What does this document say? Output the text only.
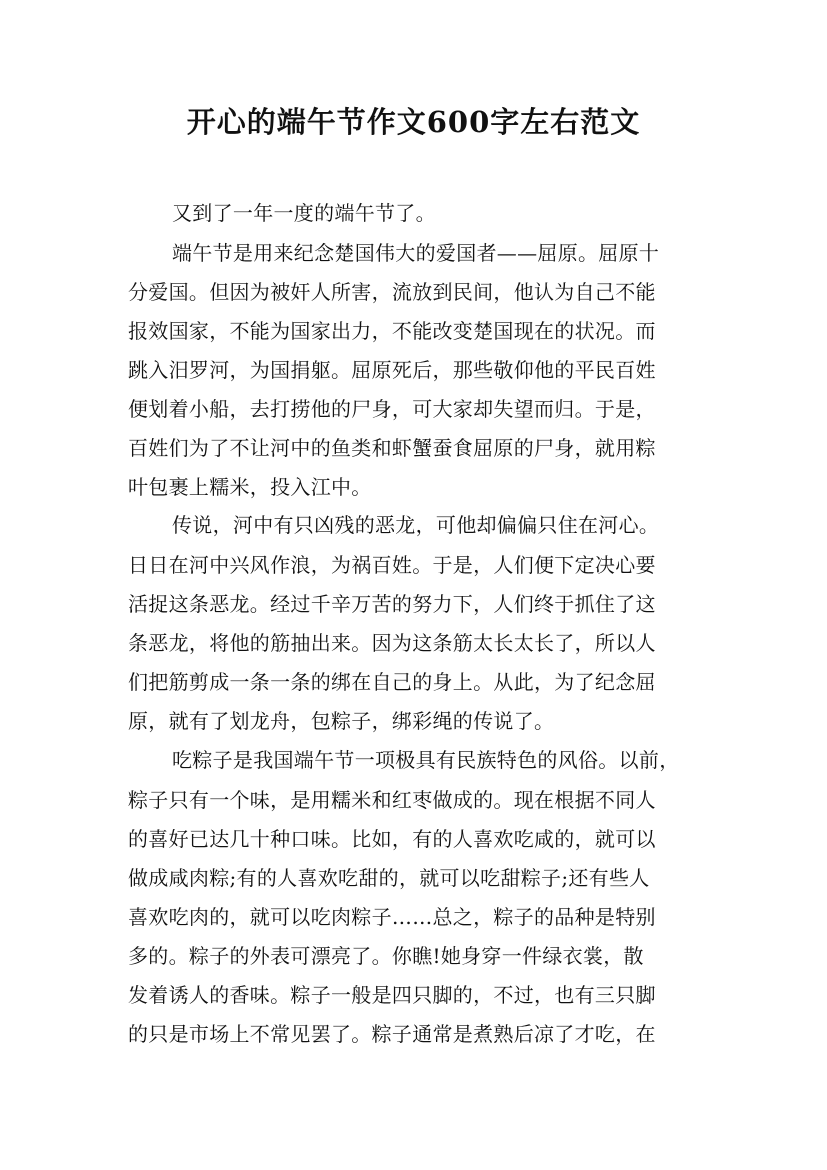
开心的端午节作文600字左右范文
又到了一年一度的端午节了。
端午节是用来纪念楚国伟大的爱国者——屈原。屈原十
分爱国。但因为被奸人所害，流放到民间，他认为自己不能
报效国家，不能为国家出力，不能改变楚国现在的状况。而
跳入汨罗河，为国捐躯。屈原死后，那些敬仰他的平民百姓
便划着小船，去打捞他的尸身，可大家却失望而归。于是，
百姓们为了不让河中的鱼类和虾蟹蚕食屈原的尸身，就用粽
叶包裹上糯米，投入江中。
传说，河中有只凶残的恶龙，可他却偏偏只住在河心。
日日在河中兴风作浪，为祸百姓。于是，人们便下定决心要
活捉这条恶龙。经过千辛万苦的努力下，人们终于抓住了这
条恶龙，将他的筋抽出来。因为这条筋太长太长了，所以人
们把筋剪成一条一条的绑在自己的身上。从此，为了纪念屈
原，就有了划龙舟，包粽子，绑彩绳的传说了。
吃粽子是我国端午节一项极具有民族特色的风俗。以前，
粽子只有一个味，是用糯米和红枣做成的。现在根据不同人
的喜好已达几十种口味。比如，有的人喜欢吃咸的，就可以
做成咸肉粽;有的人喜欢吃甜的，就可以吃甜粽子;还有些人
喜欢吃肉的，就可以吃肉粽子……总之，粽子的品种是特别
多的。粽子的外表可漂亮了。你瞧!她身穿一件绿衣裳，散
发着诱人的香味。粽子一般是四只脚的，不过，也有三只脚
的只是市场上不常见罢了。粽子通常是煮熟后凉了才吃，在
